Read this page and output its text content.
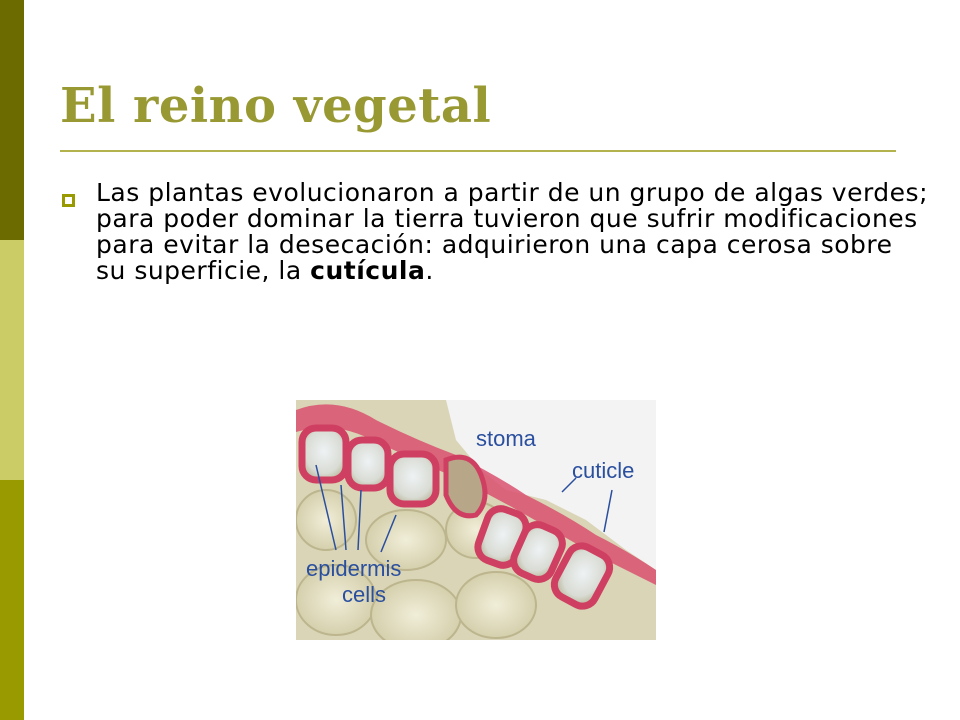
El reino vegetal
Las plantas evolucionaron a partir de un grupo de algas verdes; para poder dominar la tierra tuvieron que sufrir modificaciones para evitar la desecación: adquirieron una capa cerosa sobre su superficie, la cutícula.
stoma
cuticle
epidermis
cells
